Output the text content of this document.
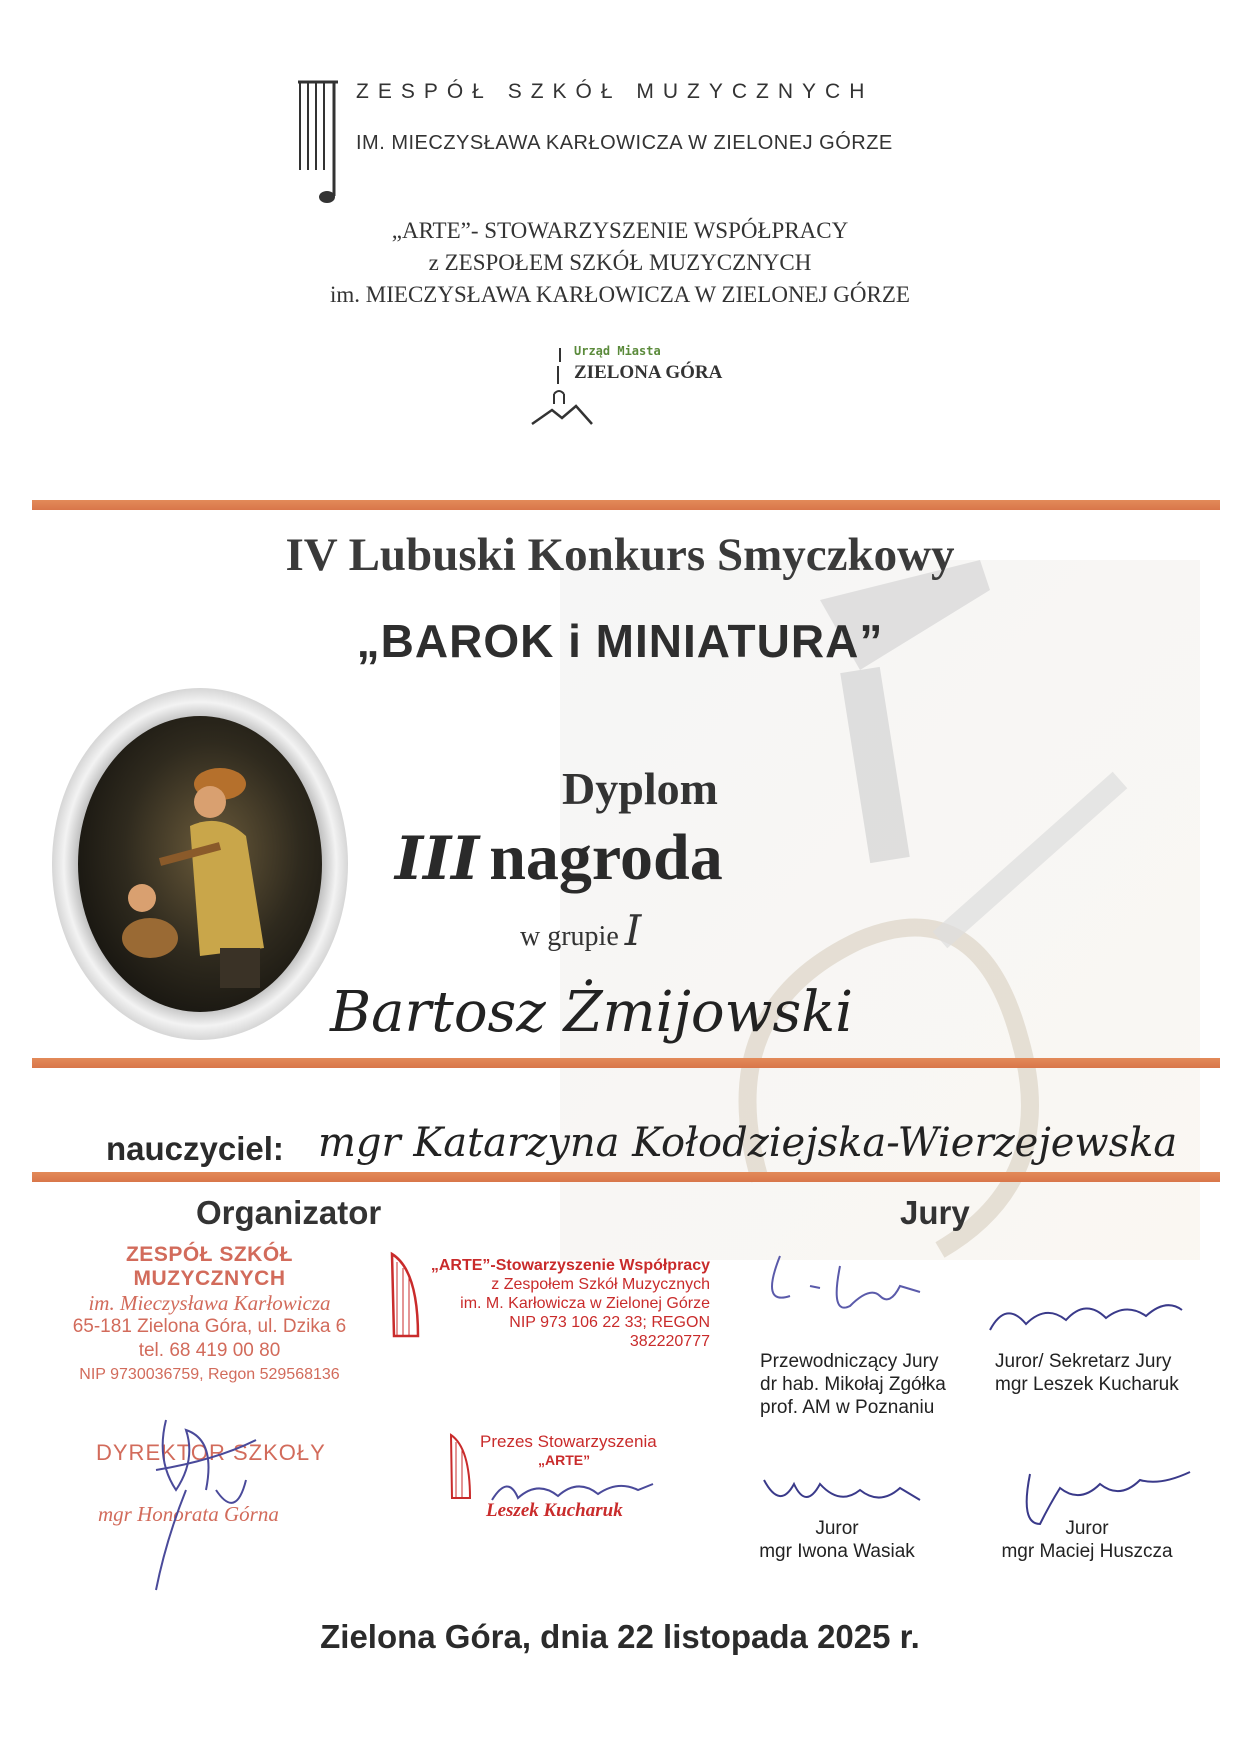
ZESPÓŁ SZKÓŁ MUZYCZNYCH
IM. MIECZYSŁAWA KARŁOWICZA W ZIELONEJ GÓRZE
„ARTE”- STOWARZYSZENIE WSPÓŁPRACY
z ZESPOŁEM SZKÓŁ MUZYCZNYCH
im. MIECZYSŁAWA KARŁOWICZA W ZIELONEJ GÓRZE
Urząd Miasta
ZIELONA GÓRA
IV Lubuski Konkurs Smyczkowy
„BAROK i MINIATURA”
Dyplom
III nagroda
w grupie I
Bartosz Żmijowski
nauczyciel: mgr Katarzyna Kołodziejska-Wierzejewska
Organizator	Jury
ZESPÓŁ SZKÓŁ MUZYCZNYCH
im. Mieczysława Karłowicza
65-181 Zielona Góra, ul. Dzika 6
tel. 68 419 00 80
NIP 9730036759, Regon 529568136
„ARTE”-Stowarzyszenie Współpracy
z Zespołem Szkół Muzycznych
im. M. Karłowicza w Zielonej Górze
NIP 973 106 22 33; REGON 382220777
DYREKTOR SZKOŁY
mgr Honorata Górna
Prezes Stowarzyszenia
„ARTE”
Leszek Kucharuk
Przewodniczący Jury
dr hab. Mikołaj Zgółka
prof. AM w Poznaniu
Juror/ Sekretarz Jury
mgr Leszek Kucharuk
Juror
mgr Iwona Wasiak
Juror
mgr Maciej Huszcza
Zielona Góra, dnia 22 listopada 2025 r.
